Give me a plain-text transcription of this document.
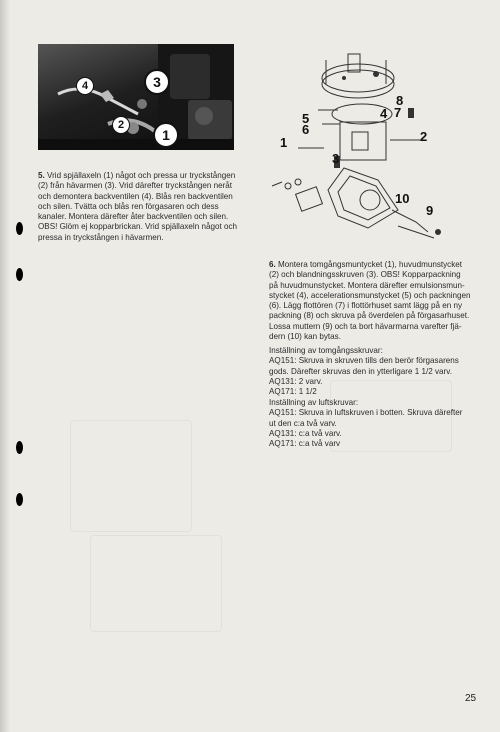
4	3
2
1
8
5
6
4 7
1	2
3
10
9
5. Vrid spjällaxeln (1) något och pressa ur tryckstången
(2) från hävarmen (3). Vrid därefter tryckstången neråt
och demontera backventilen (4). Blås ren backventilen
och silen. Tvätta och blås ren förgasaren och dess
kanaler. Montera därefter åter backventilen och silen.
OBS! Glöm ej kopparbrickan. Vrid spjällaxeln något och
pressa in tryckstången i hävarmen.
6. Montera tomgångsmuntycket (1), huvudmunstycket
(2) och blandningsskruven (3). OBS! Kopparpackning
på huvudmunstycket. Montera därefter emulsionsmun-
stycket (4), accelerationsmunstycket (5) och packningen
(6). Lägg flottören (7) i flottörhuset samt lägg på en ny
packning (8) och skruva på överdelen på förgasarhuset.
Lossa muttern (9) och ta bort hävarmarna varefter fjä-
dern (10) kan bytas.
Inställning av tomgångsskruvar:
AQ151: Skruva in skruven tills den berör förgasarens
gods. Därefter skruvas den in ytterligare 1 1/2 varv.
AQ131: 2 varv.
AQ171: 1 1/2
Inställning av luftskruvar:
AQ151: Skruva in luftskruven i botten. Skruva därefter
ut den c:a två varv.
AQ131: c:a två varv.
AQ171: c:a två varv
25
